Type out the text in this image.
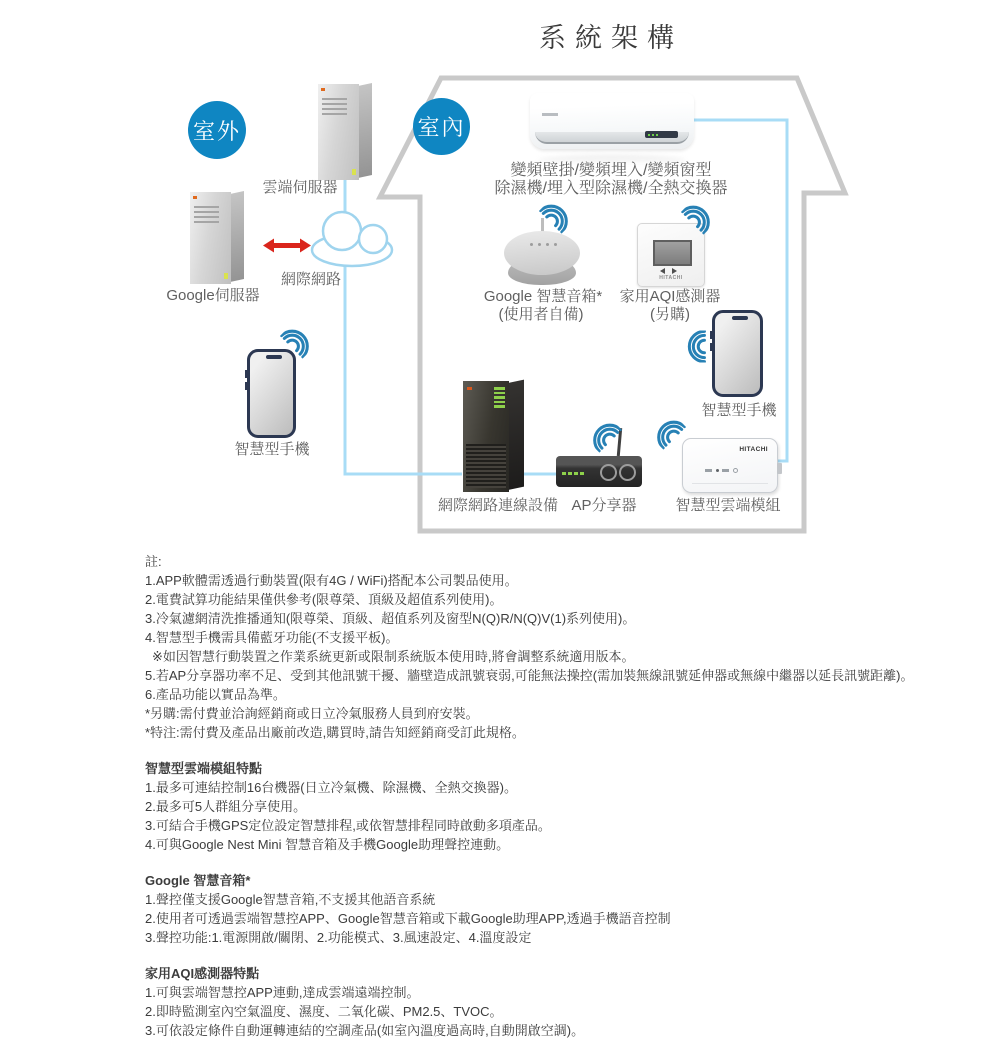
系統架構
室外	室內
雲端伺服器
Google伺服器
網際網路
變頻壁掛/變頻埋入/變頻窗型
除濕機/埋入型除濕機/全熱交換器
Google 智慧音箱*
(使用者自備)
HITACHI
家用AQI感測器
(另購)
智慧型手機
智慧型手機
網際網路連線設備 AP分享器
HITACHI
智慧型雲端模組
註:
1.APP軟體需透過行動裝置(限有4G / WiFi)搭配本公司製品使用。
2.電費試算功能結果僅供參考(限尊榮、頂級及超值系列使用)。
3.冷氣濾網清洗推播通知(限尊榮、頂級、超值系列及窗型N(Q)R/N(Q)V(1)系列使用)。
4.智慧型手機需具備藍牙功能(不支援平板)。
※如因智慧行動裝置之作業系統更新或限制系統版本使用時,將會調整系統適用版本。
5.若AP分享器功率不足、受到其他訊號干擾、牆壁造成訊號衰弱,可能無法操控(需加裝無線訊號延伸器或無線中繼器以延長訊號距離)。
6.產品功能以實品為準。
*另購:需付費並洽詢經銷商或日立冷氣服務人員到府安裝。
*特注:需付費及產品出廠前改造,購買時,請告知經銷商受訂此規格。
智慧型雲端模組特點
1.最多可連結控制16台機器(日立冷氣機、除濕機、全熱交換器)。
2.最多可5人群組分享使用。
3.可結合手機GPS定位設定智慧排程,或依智慧排程同時啟動多項產品。
4.可與Google Nest Mini 智慧音箱及手機Google助理聲控連動。
Google 智慧音箱*
1.聲控僅支援Google智慧音箱,不支援其他語音系統
2.使用者可透過雲端智慧控APP、Google智慧音箱或下載Google助理APP,透過手機語音控制
3.聲控功能:1.電源開啟/關閉、2.功能模式、3.風速設定、4.溫度設定
家用AQI感測器特點
1.可與雲端智慧控APP連動,達成雲端遠端控制。
2.即時監測室內空氣溫度、濕度、二氧化碳、PM2.5、TVOC。
3.可依設定條件自動運轉連結的空調產品(如室內溫度過高時,自動開啟空調)。
